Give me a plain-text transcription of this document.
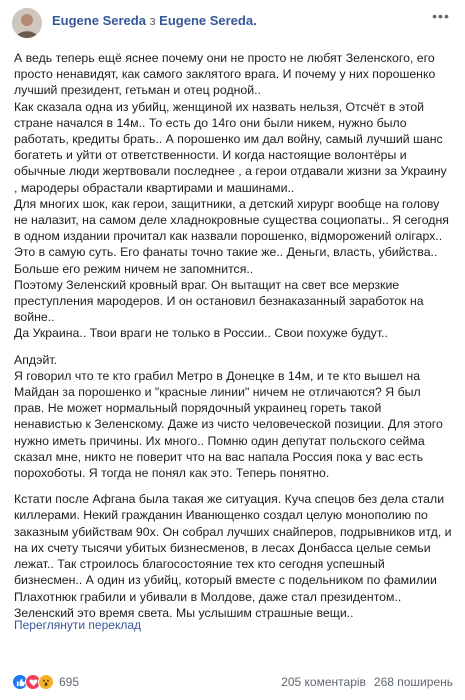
Eugene Sereda з Eugene Sereda.	•••

А ведь теперь ещё яснее почему они не просто не любят Зеленского, его просто ненавидят, как самого заклятого врага. И почему у них порошенко лучший президент, гетьман и отец родной..

Как сказала одна из убийц, женщиной их назвать нельзя, Отсчёт в этой стране начался в 14м.. То есть до 14го они были никем, нужно было работать, кредиты брать.. А порошенко им дал войну, самый лучший шанс богатеть и уйти от ответственности. И когда настоящие волонтёры и обычные люди жертвовали последнее , а герои отдавали жизни за Украину , мародеры обрастали квартирами и машинами..

Для многих шок, как герои, защитники, а детский хирург вообще на голову не налазит, на самом деле хладнокровные существа социопаты.. Я сегодня в одном издании прочитал как назвали порошенко, відморожений олігарх.. Это в самую суть. Его фанаты точно такие же.. Деньги, власть, убийства.. Больше его режим ничем не запомнится..

Поэтому Зеленский кровный враг. Он вытащит на свет все мерзкие преступления мародеров. И он остановил безнаказанный заработок на войне..

Да Украина.. Твои враги не только в России.. Свои похуже будут..

Апдэйт.

Я говорил что те кто грабил Метро в Донецке в 14м, и те кто вышел на Майдан за порошенко и "красные линии" ничем не отличаются? Я был прав. Не может нормальный порядочный украинец гореть такой ненавистью к Зеленскому. Даже из чисто человеческой позиции. Для этого нужно иметь причины. Их много.. Помню один депутат польского сейма сказал мне, никто не поверит что на вас напала Россия пока у вас есть порохоботы. Я тогда не понял как это. Теперь понятно.

Кстати после Афгана была такая же ситуация. Куча спецов без дела стали киллерами. Некий гражданин Иванющенко создал целую монополию по заказным убийствам 90х. Он собрал лучших снайперов, подрывников итд, и на их счету тысячи убитых бизнесменов, в лесах Донбасса целые семьи лежат.. Так строилось благосостояние тех кто сегодня успешный бизнесмен.. А один из убийц, который вместе с подельником по фамилии Плахотнюк грабили и убивали в Молдове, даже стал президентом.. Зеленский это время света. Мы услышим страшные вещи..

Переглянути переклад
695	205 коментарів 268 поширень
